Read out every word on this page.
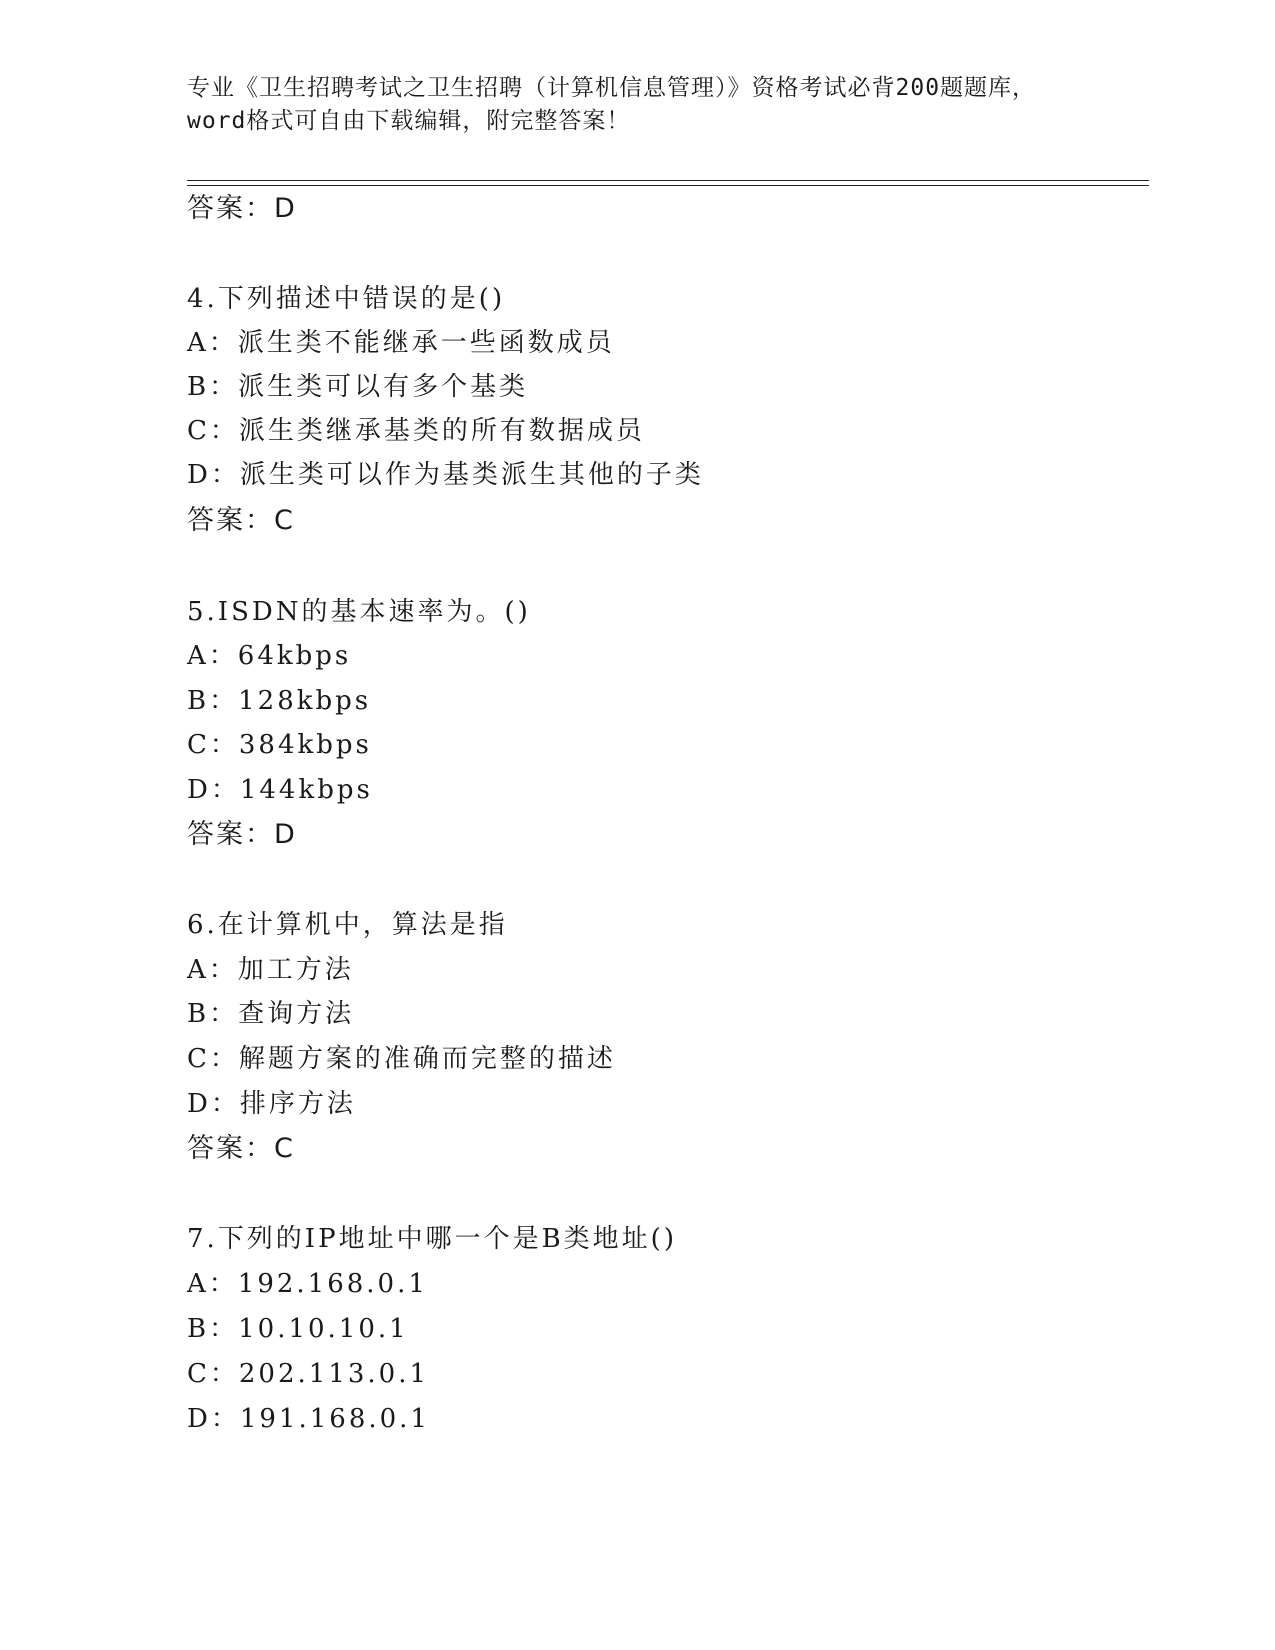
专业《卫生招聘考试之卫生招聘（计算机信息管理）》资格考试必背200题题库，
word格式可自由下载编辑，附完整答案！
答案：D
4.下列描述中错误的是()
A：派生类不能继承一些函数成员
B：派生类可以有多个基类
C：派生类继承基类的所有数据成员
D：派生类可以作为基类派生其他的子类
答案：C
5.ISDN的基本速率为。()
A：64kbps
B：128kbps
C：384kbps
D：144kbps
答案：D
6.在计算机中，算法是指
A：加工方法
B：查询方法
C：解题方案的准确而完整的描述
D：排序方法
答案：C
7.下列的IP地址中哪一个是B类地址()
A：192.168.0.1
B：10.10.10.1
C：202.113.0.1
D：191.168.0.1
